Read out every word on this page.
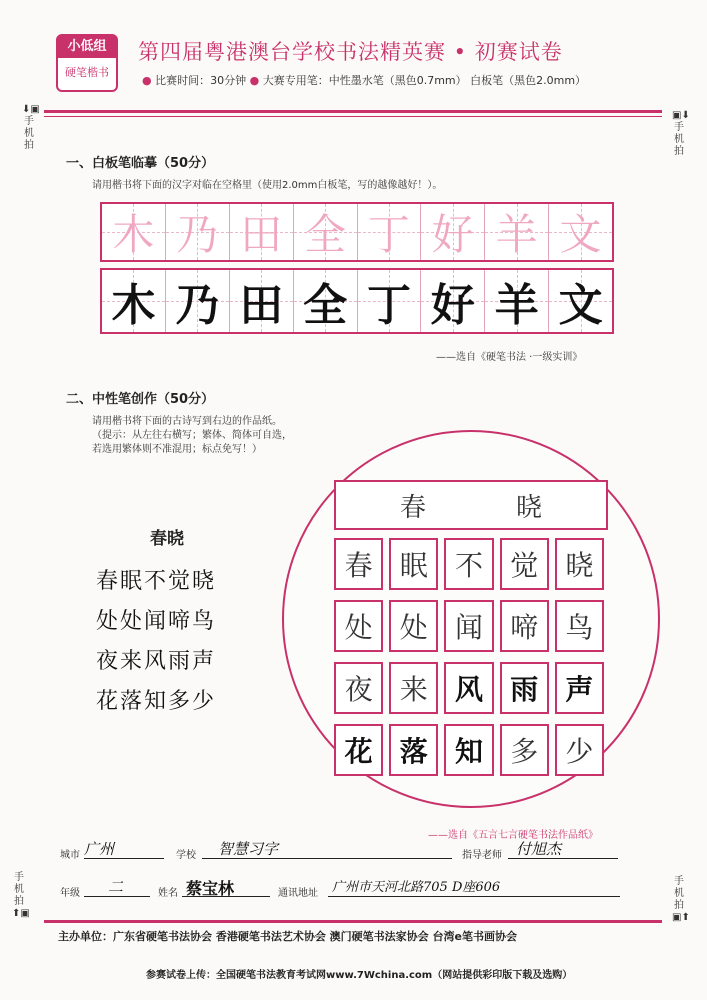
小低组
硬笔楷书
第四届粤港澳台学校书法精英赛 • 初赛试卷
● 比赛时间：30分钟 ● 大赛专用笔：中性墨水笔（黑色0.7mm） 白板笔（黑色2.0mm）
⬇▣
手机拍
▣⬇
手机拍
手机拍
⬆▣
手机拍
▣⬆
一、白板笔临摹（50分）
请用楷书将下面的汉字对临在空格里（使用2.0mm白板笔，写的越像越好！）。
木 乃 田 全 丁 好 羊 文
木 乃 田 全 丁 好 羊 文
——选自《硬笔书法 ·一级实训》
二、中性笔创作（50分）
请用楷书将下面的古诗写到右边的作品纸。
（提示：从左往右横写；繁体、简体可自选，
若选用繁体则不准混用；标点免写！）
春晓
春眠不觉晓
处处闻啼鸟
夜来风雨声
花落知多少
春	晓
春 眠 不 觉 晓
处 处 闻 啼 鸟
夜 来 风 雨 声
花 落 知 多 少
——选自《五言七言硬笔书法作品纸》
城市 广州	学校	智慧习字	指导老师 付旭杰
年级	二	姓名 蔡宝林	通讯地址	广州市天河北路705 D座606
主办单位：广东省硬笔书法协会 香港硬笔书法艺术协会 澳门硬笔书法家协会 台湾e笔书画协会
参赛试卷上传：全国硬笔书法教育考试网www.7Wchina.com（网站提供彩印版下载及选购）
